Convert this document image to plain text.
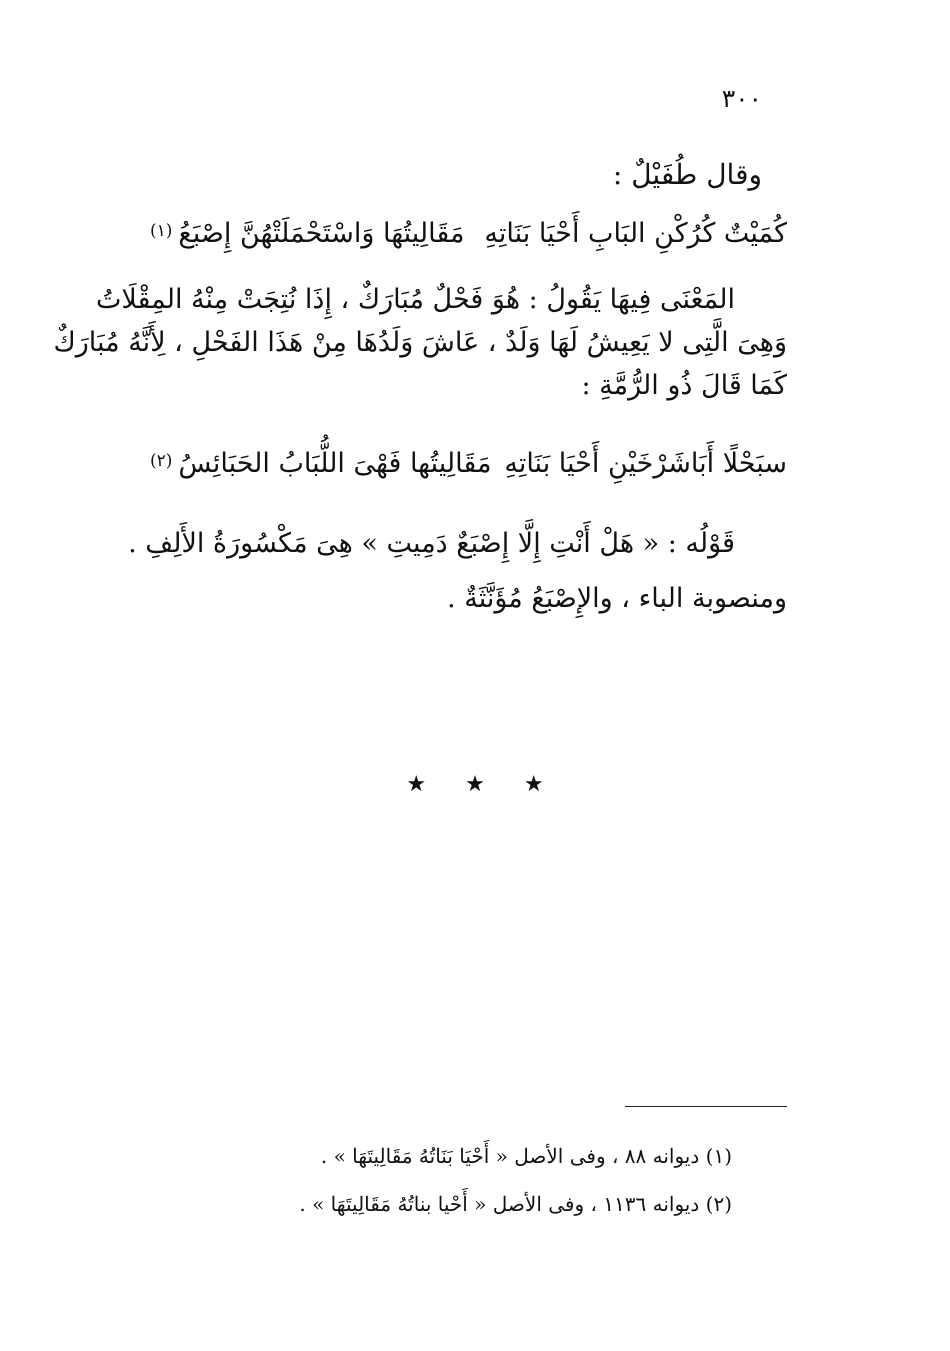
٣٠٠
وقال طُفَيْلٌ :
كُمَيْتٌ كُرُكْنِ البَابِ أَحْيَا بَنَاتِهِ
مَقَالِيتُهَا وَاسْتَحْمَلَتْهُنَّ إِصْبَعُ$^{(١)}$
المَعْنَى فِيهَا يَقُولُ : هُوَ فَحْلٌ مُبَارَكٌ ، إِذَا نُتِجَتْ مِنْهُ المِقْلَاتُ
وَهِىَ الَّتِى لا يَعِيشُ لَهَا وَلَدٌ ، عَاشَ وَلَدُهَا مِنْ هَذَا الفَحْلِ ، لِأَنَّهُ مُبَارَكٌ
كَمَا قَالَ ذُو الرُّمَّةِ :
سبَحْلًا أَبَاشَرْخَيْنِ أَحْيَا بَنَاتِهِ
مَقَالِيتُها فَهْىَ اللُّبَابُ الحَبَائِسُ$^{(٢)}$
قَوْلُه : « هَلْ أَنْتِ إِلَّا إِصْبَعٌ دَمِيتِ » هِىَ مَكْسُورَةُ الأَلِفِ .
ومنصوبة الباء ، والإِصْبَعُ مُؤَنَّثَةٌ .
★ ★ ★
(١) ديوانه ٨٨ ، وفى الأصل « أَحْيَا بَنَاتُهُ مَقَالِيتَهَا » .
(٢) ديوانه ١١٣٦ ، وفى الأصل « أَحْيا بناتُهُ مَقَالِيتَهَا » .
